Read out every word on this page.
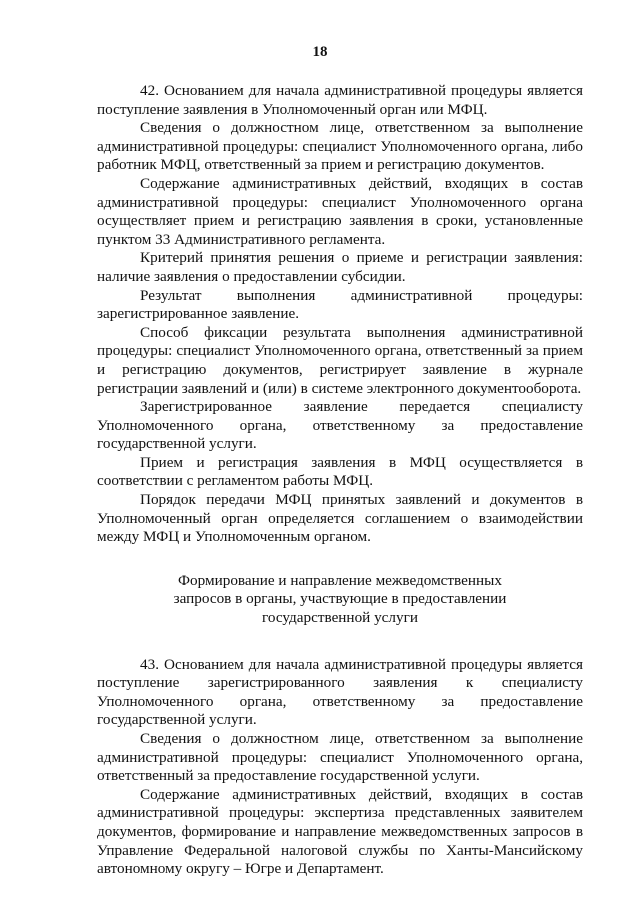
18

42. Основанием для начала административной процедуры является поступление заявления в Уполномоченный орган или МФЦ.

Сведения о должностном лице, ответственном за выполнение административной процедуры: специалист Уполномоченного органа, либо работник МФЦ, ответственный за прием и регистрацию документов.

Содержание административных действий, входящих в состав административной процедуры: специалист Уполномоченного органа осуществляет прием и регистрацию заявления в сроки, установленные пунктом 33 Административного регламента.

Критерий принятия решения о приеме и регистрации заявления: наличие заявления о предоставлении субсидии.

Результат выполнения административной процедуры: зарегистрированное заявление.

Способ фиксации результата выполнения административной процедуры: специалист Уполномоченного органа, ответственный за прием и регистрацию документов, регистрирует заявление в журнале регистрации заявлений и (или) в системе электронного документооборота.

Зарегистрированное заявление передается специалисту Уполномоченного органа, ответственному за предоставление государственной услуги.

Прием и регистрация заявления в МФЦ осуществляется в соответствии с регламентом работы МФЦ.

Порядок передачи МФЦ принятых заявлений и документов в Уполномоченный орган определяется соглашением о взаимодействии между МФЦ и Уполномоченным органом.

Формирование и направление межведомственных
запросов в органы, участвующие в предоставлении
государственной услуги

43. Основанием для начала административной процедуры является поступление зарегистрированного заявления к специалисту Уполномоченного органа, ответственному за предоставление государственной услуги.

Сведения о должностном лице, ответственном за выполнение административной процедуры: специалист Уполномоченного органа, ответственный за предоставление государственной услуги.

Содержание административных действий, входящих в состав административной процедуры: экспертиза представленных заявителем документов, формирование и направление межведомственных запросов в Управление Федеральной налоговой службы по Ханты-Мансийскому автономному округу – Югре и Департамент.
